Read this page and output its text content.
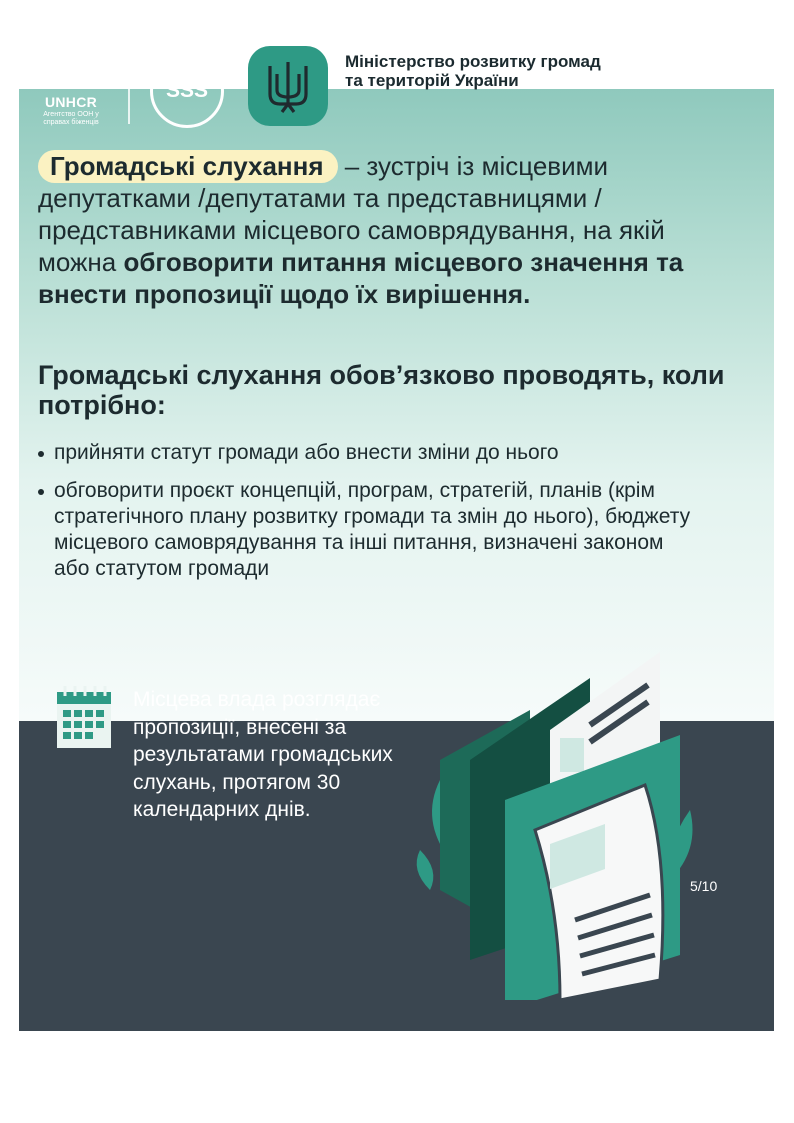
UNHCR
Агентство ООН у справах біженців
SSS
Міністерство розвитку громад та територій України
Громадські слухання – зустріч із місцевими депутатками /депутатами та представницями / представниками місцевого самоврядування, на якій можна обговорити питання місцевого значення та внести пропозиції щодо їх вирішення.
Громадські слухання обов’язково проводять, коли потрібно:
прийняти статут громади або внести зміни до нього
обговорити проєкт концепцій, програм, стратегій, планів (крім стратегічного плану розвитку громади та змін до нього), бюджету місцевого самоврядування та інші питання, визначені законом або статутом громади
Місцева влада розглядає пропозиції, внесені за результатами громадських слухань, протягом 30 календарних днів.
5/10
